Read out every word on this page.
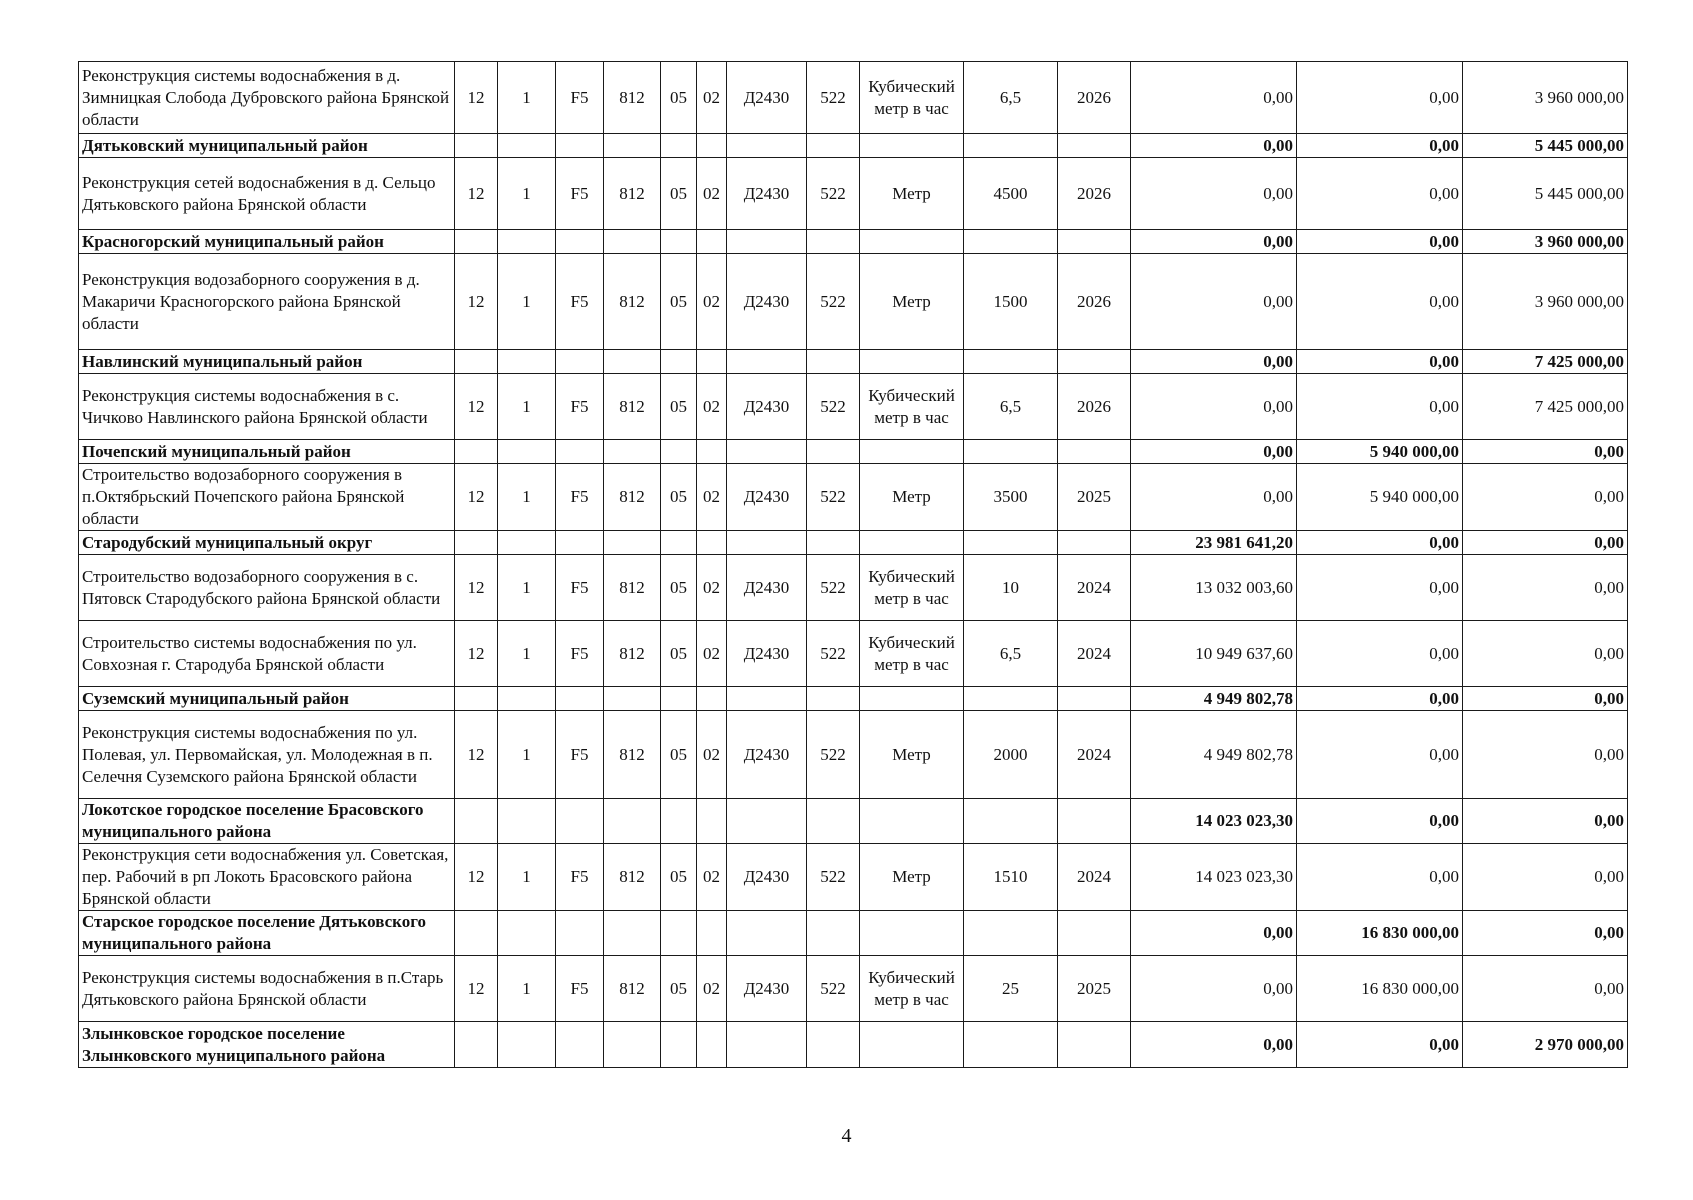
Реконструкция системы водоснабжения в д. Зимницкая Слобода Дубровского района Брянской области	12	1	F5	812	05	02	Д2430	522	Кубический метр в час	6,5	2026	0,00	0,00	3 960 000,00
Дятьковский муниципальный район												0,00	0,00	5 445 000,00
Реконструкция сетей водоснабжения в д. Сельцо Дятьковского района Брянской области	12	1	F5	812	05	02	Д2430	522	Метр	4500	2026	0,00	0,00	5 445 000,00
Красногорский муниципальный район												0,00	0,00	3 960 000,00
Реконструкция водозаборного сооружения в д. Макаричи Красногорского района Брянской области	12	1	F5	812	05	02	Д2430	522	Метр	1500	2026	0,00	0,00	3 960 000,00
Навлинский муниципальный район												0,00	0,00	7 425 000,00
Реконструкция системы водоснабжения в с. Чичково Навлинского района Брянской области	12	1	F5	812	05	02	Д2430	522	Кубический метр в час	6,5	2026	0,00	0,00	7 425 000,00
Почепский муниципальный район												0,00	5 940 000,00	0,00
Строительство водозаборного сооружения в п.Октябрьский Почепского района Брянской области	12	1	F5	812	05	02	Д2430	522	Метр	3500	2025	0,00	5 940 000,00	0,00
Стародубский муниципальный округ												23 981 641,20	0,00	0,00
Строительство водозаборного сооружения в с. Пятовск Стародубского района Брянской области	12	1	F5	812	05	02	Д2430	522	Кубический метр в час	10	2024	13 032 003,60	0,00	0,00
Строительство системы водоснабжения по ул. Совхозная г. Стародуба Брянской области	12	1	F5	812	05	02	Д2430	522	Кубический метр в час	6,5	2024	10 949 637,60	0,00	0,00
Суземский муниципальный район												4 949 802,78	0,00	0,00
Реконструкция системы водоснабжения по ул. Полевая, ул. Первомайская, ул. Молодежная в п. Селечня Суземского района Брянской области	12	1	F5	812	05	02	Д2430	522	Метр	2000	2024	4 949 802,78	0,00	0,00
Локотское городское поселение Брасовского муниципального района												14 023 023,30	0,00	0,00
Реконструкция сети водоснабжения ул. Советская, пер. Рабочий в рп Локоть Брасовского района Брянской области	12	1	F5	812	05	02	Д2430	522	Метр	1510	2024	14 023 023,30	0,00	0,00
Старское городское поселение Дятьковского муниципального района												0,00	16 830 000,00	0,00
Реконструкция системы водоснабжения в п.Старь Дятьковского района Брянской области	12	1	F5	812	05	02	Д2430	522	Кубический метр в час	25	2025	0,00	16 830 000,00	0,00
Злынковское городское поселение Злынковского муниципального района												0,00	0,00	2 970 000,00
4
